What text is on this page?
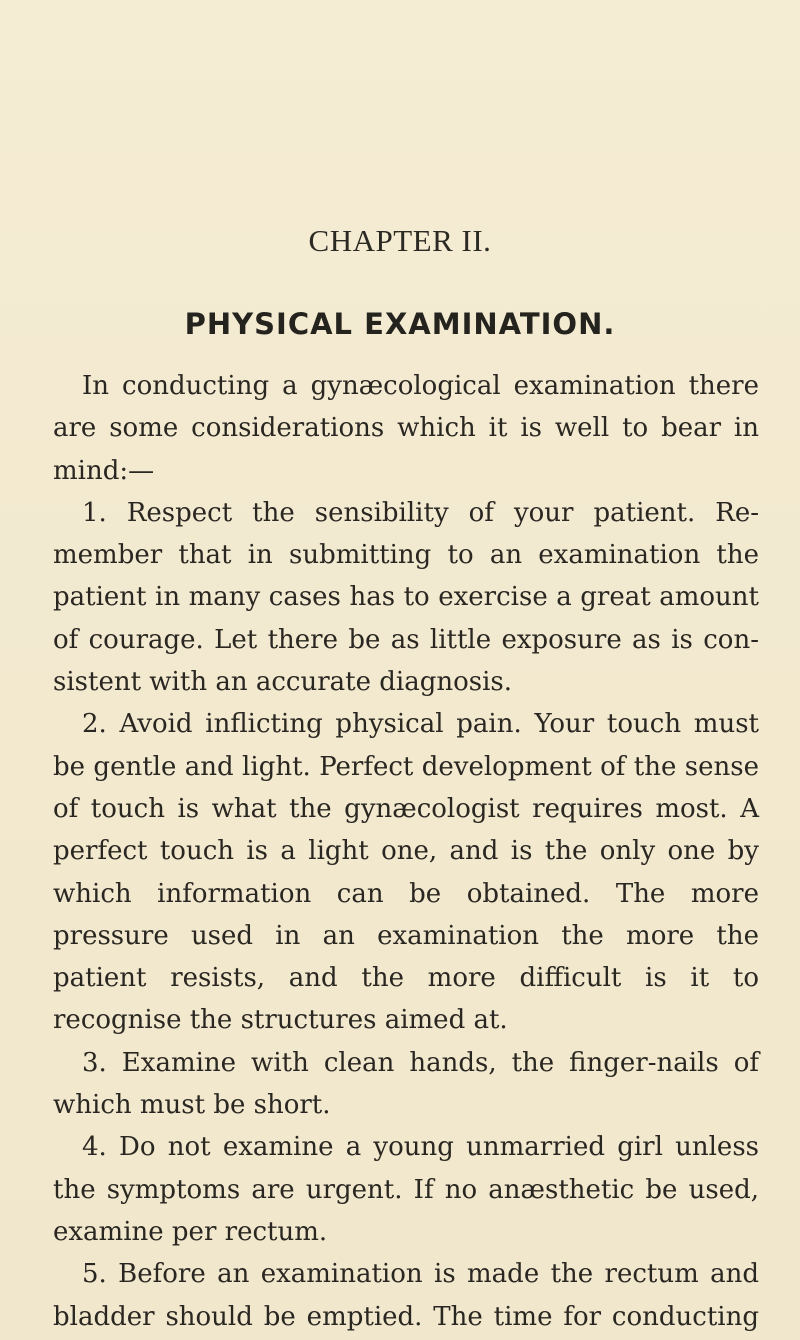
CHAPTER II.
PHYSICAL EXAMINATION.

In conducting a gynæcological examination there are some considerations which it is well to bear in mind:—

1. Respect the sensibility of your patient. Re-member that in submitting to an examination the patient in many cases has to exercise a great amount of courage. Let there be as little exposure as is con-sistent with an accurate diagnosis.

2. Avoid inflicting physical pain. Your touch must be gentle and light. Perfect development of the sense of touch is what the gynæcologist requires most. A perfect touch is a light one, and is the only one by which information can be obtained. The more pressure used in an examination the more the patient resists, and the more difficult is it to recognise the structures aimed at.

3. Examine with clean hands, the finger-nails of which must be short.

4. Do not examine a young unmarried girl unless the symptoms are urgent. If no anæsthetic be used, examine per rectum.

5. Before an examination is made the rectum and bladder should be emptied. The time for conducting
